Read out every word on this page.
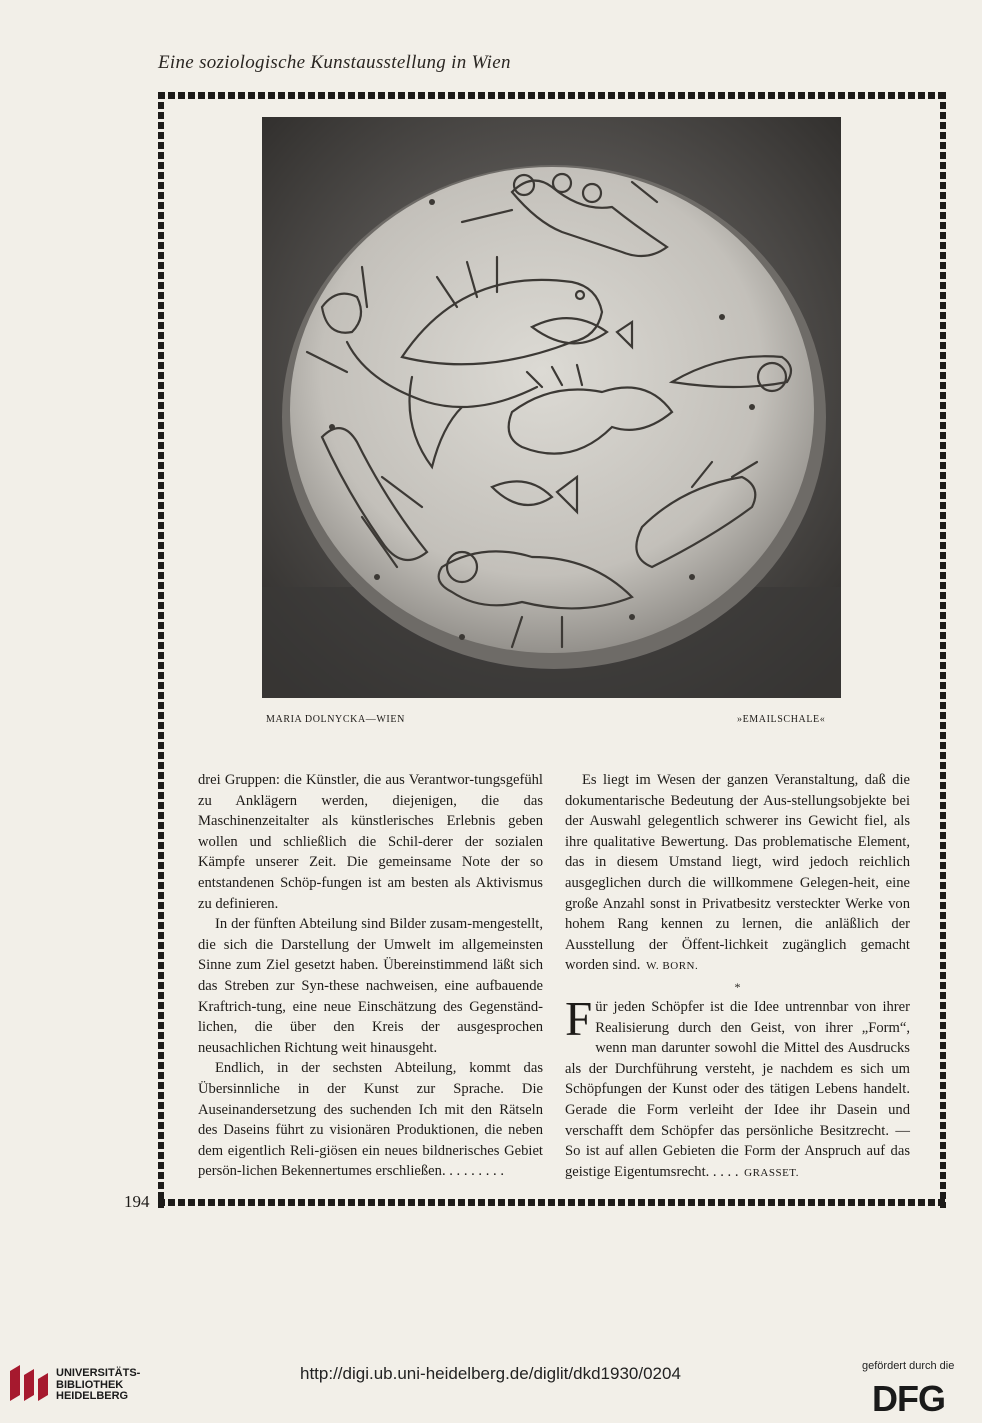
Eine soziologische Kunstausstellung in Wien
MARIA DOLNYCKA—WIEN	»EMAILSCHALE«

drei Gruppen: die Künstler, die aus Verantwor-tungsgefühl zu Anklägern werden, diejenigen, die das Maschinenzeitalter als künstlerisches Erlebnis geben wollen und schließlich die Schil-derer der sozialen Kämpfe unserer Zeit. Die gemeinsame Note der so entstandenen Schöp-fungen ist am besten als Aktivismus zu definieren.

In der fünften Abteilung sind Bilder zusam-mengestellt, die sich die Darstellung der Umwelt im allgemeinsten Sinne zum Ziel gesetzt haben. Übereinstimmend läßt sich das Streben zur Syn-these nachweisen, eine aufbauende Kraftrich-tung, eine neue Einschätzung des Gegenständ-lichen, die über den Kreis der ausgesprochen neusachlichen Richtung weit hinausgeht.

Endlich, in der sechsten Abteilung, kommt das Übersinnliche in der Kunst zur Sprache. Die Auseinandersetzung des suchenden Ich mit den Rätseln des Daseins führt zu visionären Produktionen, die neben dem eigentlich Reli-giösen ein neues bildnerisches Gebiet persön-lichen Bekennertumes erschließen. . . . . . . . .

Es liegt im Wesen der ganzen Veranstaltung, daß die dokumentarische Bedeutung der Aus-stellungsobjekte bei der Auswahl gelegentlich schwerer ins Gewicht fiel, als ihre qualitative Bewertung. Das problematische Element, das in diesem Umstand liegt, wird jedoch reichlich ausgeglichen durch die willkommene Gelegen-heit, eine große Anzahl sonst in Privatbesitz versteckter Werke von hohem Rang kennen zu lernen, die anläßlich der Ausstellung der Öffent-lichkeit zugänglich gemacht worden sind. W. BORN.

*

Für jeden Schöpfer ist die Idee untrennbar von ihrer Realisierung durch den Geist, von ihrer „Form“, wenn man darunter sowohl die Mittel des Ausdrucks als der Durchführung versteht, je nachdem es sich um Schöpfungen der Kunst oder des tätigen Lebens handelt. Gerade die Form verleiht der Idee ihr Dasein und verschafft dem Schöpfer das persönliche Besitzrecht. — So ist auf allen Gebieten die Form der Anspruch auf das geistige Eigentumsrecht. . . . . GRASSET.

194
UNIVERSITÄTS-
BIBLIOTHEK
HEIDELBERG
http://digi.ub.uni-heidelberg.de/diglit/dkd1930/0204	gefördert durch die
DFG
